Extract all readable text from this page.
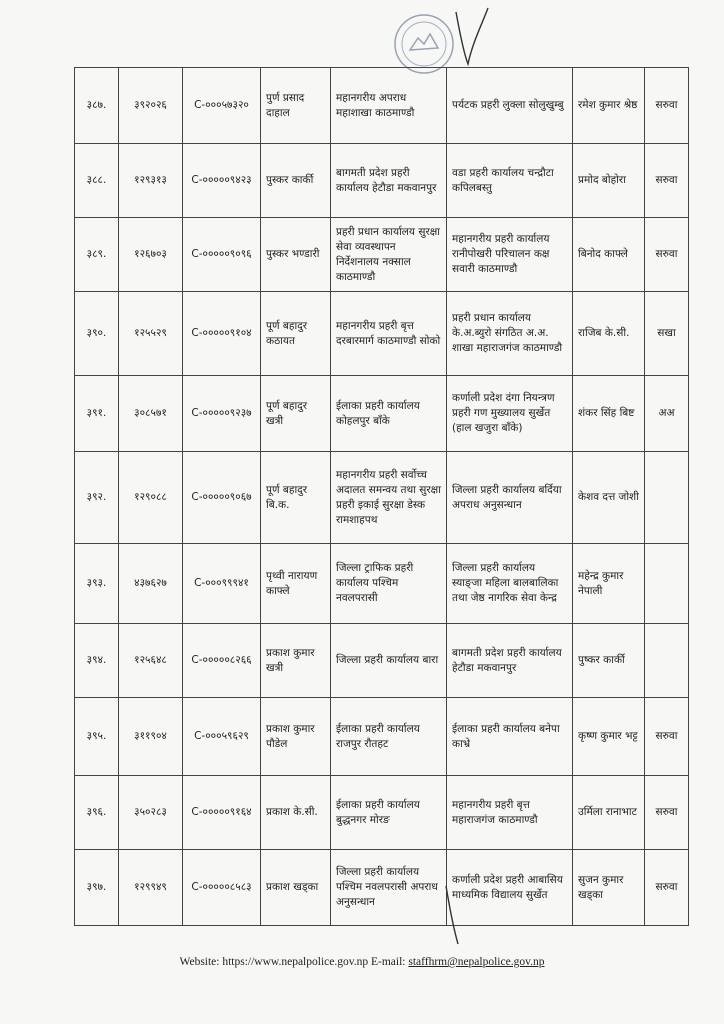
३८७.	३९२०२६	C-०००५७३२०	पुर्ण प्रसाद दाहाल	महानगरीय अपराध महाशाखा काठमाण्डौ	पर्यटक प्रहरी लुक्ला सोलुखुम्बु	रमेश कुमार श्रेष्ठ	सरुवा
३८८.	१२९३१३	C-०००००९४२३	पुस्कर कार्की	बागमती प्रदेश प्रहरी कार्यालय हेटौडा मकवानपुर	वडा प्रहरी कार्यालय चन्द्रौटा कपिलबस्तु	प्रमोद बोहोरा	सरुवा
३८९.	१२६७०३	C-०००००९०९६	पुस्कर भण्डारी	प्रहरी प्रधान कार्यालय सुरक्षा सेवा व्यवस्थापन निर्देशनालय नक्साल काठमाण्डौ	महानगरीय प्रहरी कार्यालय रानीपोखरी परिचालन कक्ष सवारी काठमाण्डौ	बिनोद काफ्ले	सरुवा
३९०.	१२५५२९	C-०००००९१०४	पूर्ण बहादुर कठायत	महानगरीय प्रहरी बृत्त दरबारमार्ग काठमाण्डौ सोको	प्रहरी प्रधान कार्यालय के.अ.ब्युरो संगठित अ.अ. शाखा महाराजगंज काठमाण्डौ	राजिब के.सी.	सखा
३९१.	३०८५७१	C-०००००९२३७	पूर्ण बहादुर खत्री	ईलाका प्रहरी कार्यालय कोहलपुर बाँके	कर्णाली प्रदेश दंगा नियन्त्रण प्रहरी गण मुख्यालय सुर्खेत (हाल खजुरा बाँके)	शंकर सिंह बिष्ट	अअ
३९२.	१२९०८८	C-०००००९०६७	पूर्ण बहादुर बि.क.	महानगरीय प्रहरी सर्वोच्च अदालत समन्वय तथा सुरक्षा प्रहरी इकाई सुरक्षा डेस्क रामशाहपथ	जिल्ला प्रहरी कार्यालय बर्दिया अपराध अनुसन्धान	केशव दत्त जोशी	
३९३.	४३७६२७	C-०००९९९४१	पृथ्वी नारायण काफ्ले	जिल्ला ट्राफिक प्रहरी कार्यालय पश्चिम नवलपरासी	जिल्ला प्रहरी कार्यालय स्याङ्जा महिला बालबालिका तथा जेष्ठ नागरिक सेवा केन्द्र	महेन्द्र कुमार नेपाली	
३९४.	१२५६४८	C-०००००८२६६	प्रकाश कुमार खत्री	जिल्ला प्रहरी कार्यालय बारा	बागमती प्रदेश प्रहरी कार्यालय हेटौडा मकवानपुर	पुष्कर कार्की	
३९५.	३११९०४	C-०००५९६२९	प्रकाश कुमार पौडेल	ईलाका प्रहरी कार्यालय राजपुर रौतहट	ईलाका प्रहरी कार्यालय बनेपा काभ्रे	कृष्ण कुमार भट्ट	सरुवा
३९६.	३५०२८३	C-०००००९१६४	प्रकाश के.सी.	ईलाका प्रहरी कार्यालय बुद्धनगर मोरङ	महानगरीय प्रहरी बृत्त महाराजगंज काठमाण्डौ	उर्मिला रानाभाट	सरुवा
३९७.	१२९९४९	C-०००००८५८३	प्रकाश खड्का	जिल्ला प्रहरी कार्यालय पश्चिम नवलपरासी अपराध अनुसन्धान	कर्णाली प्रदेश प्रहरी आबासिय माध्यमिक विद्यालय सुर्खेत	सुजन कुमार खड्का	सरुवा
Website: https://www.nepalpolice.gov.np E-mail: staffhrm@nepalpolice.gov.np
